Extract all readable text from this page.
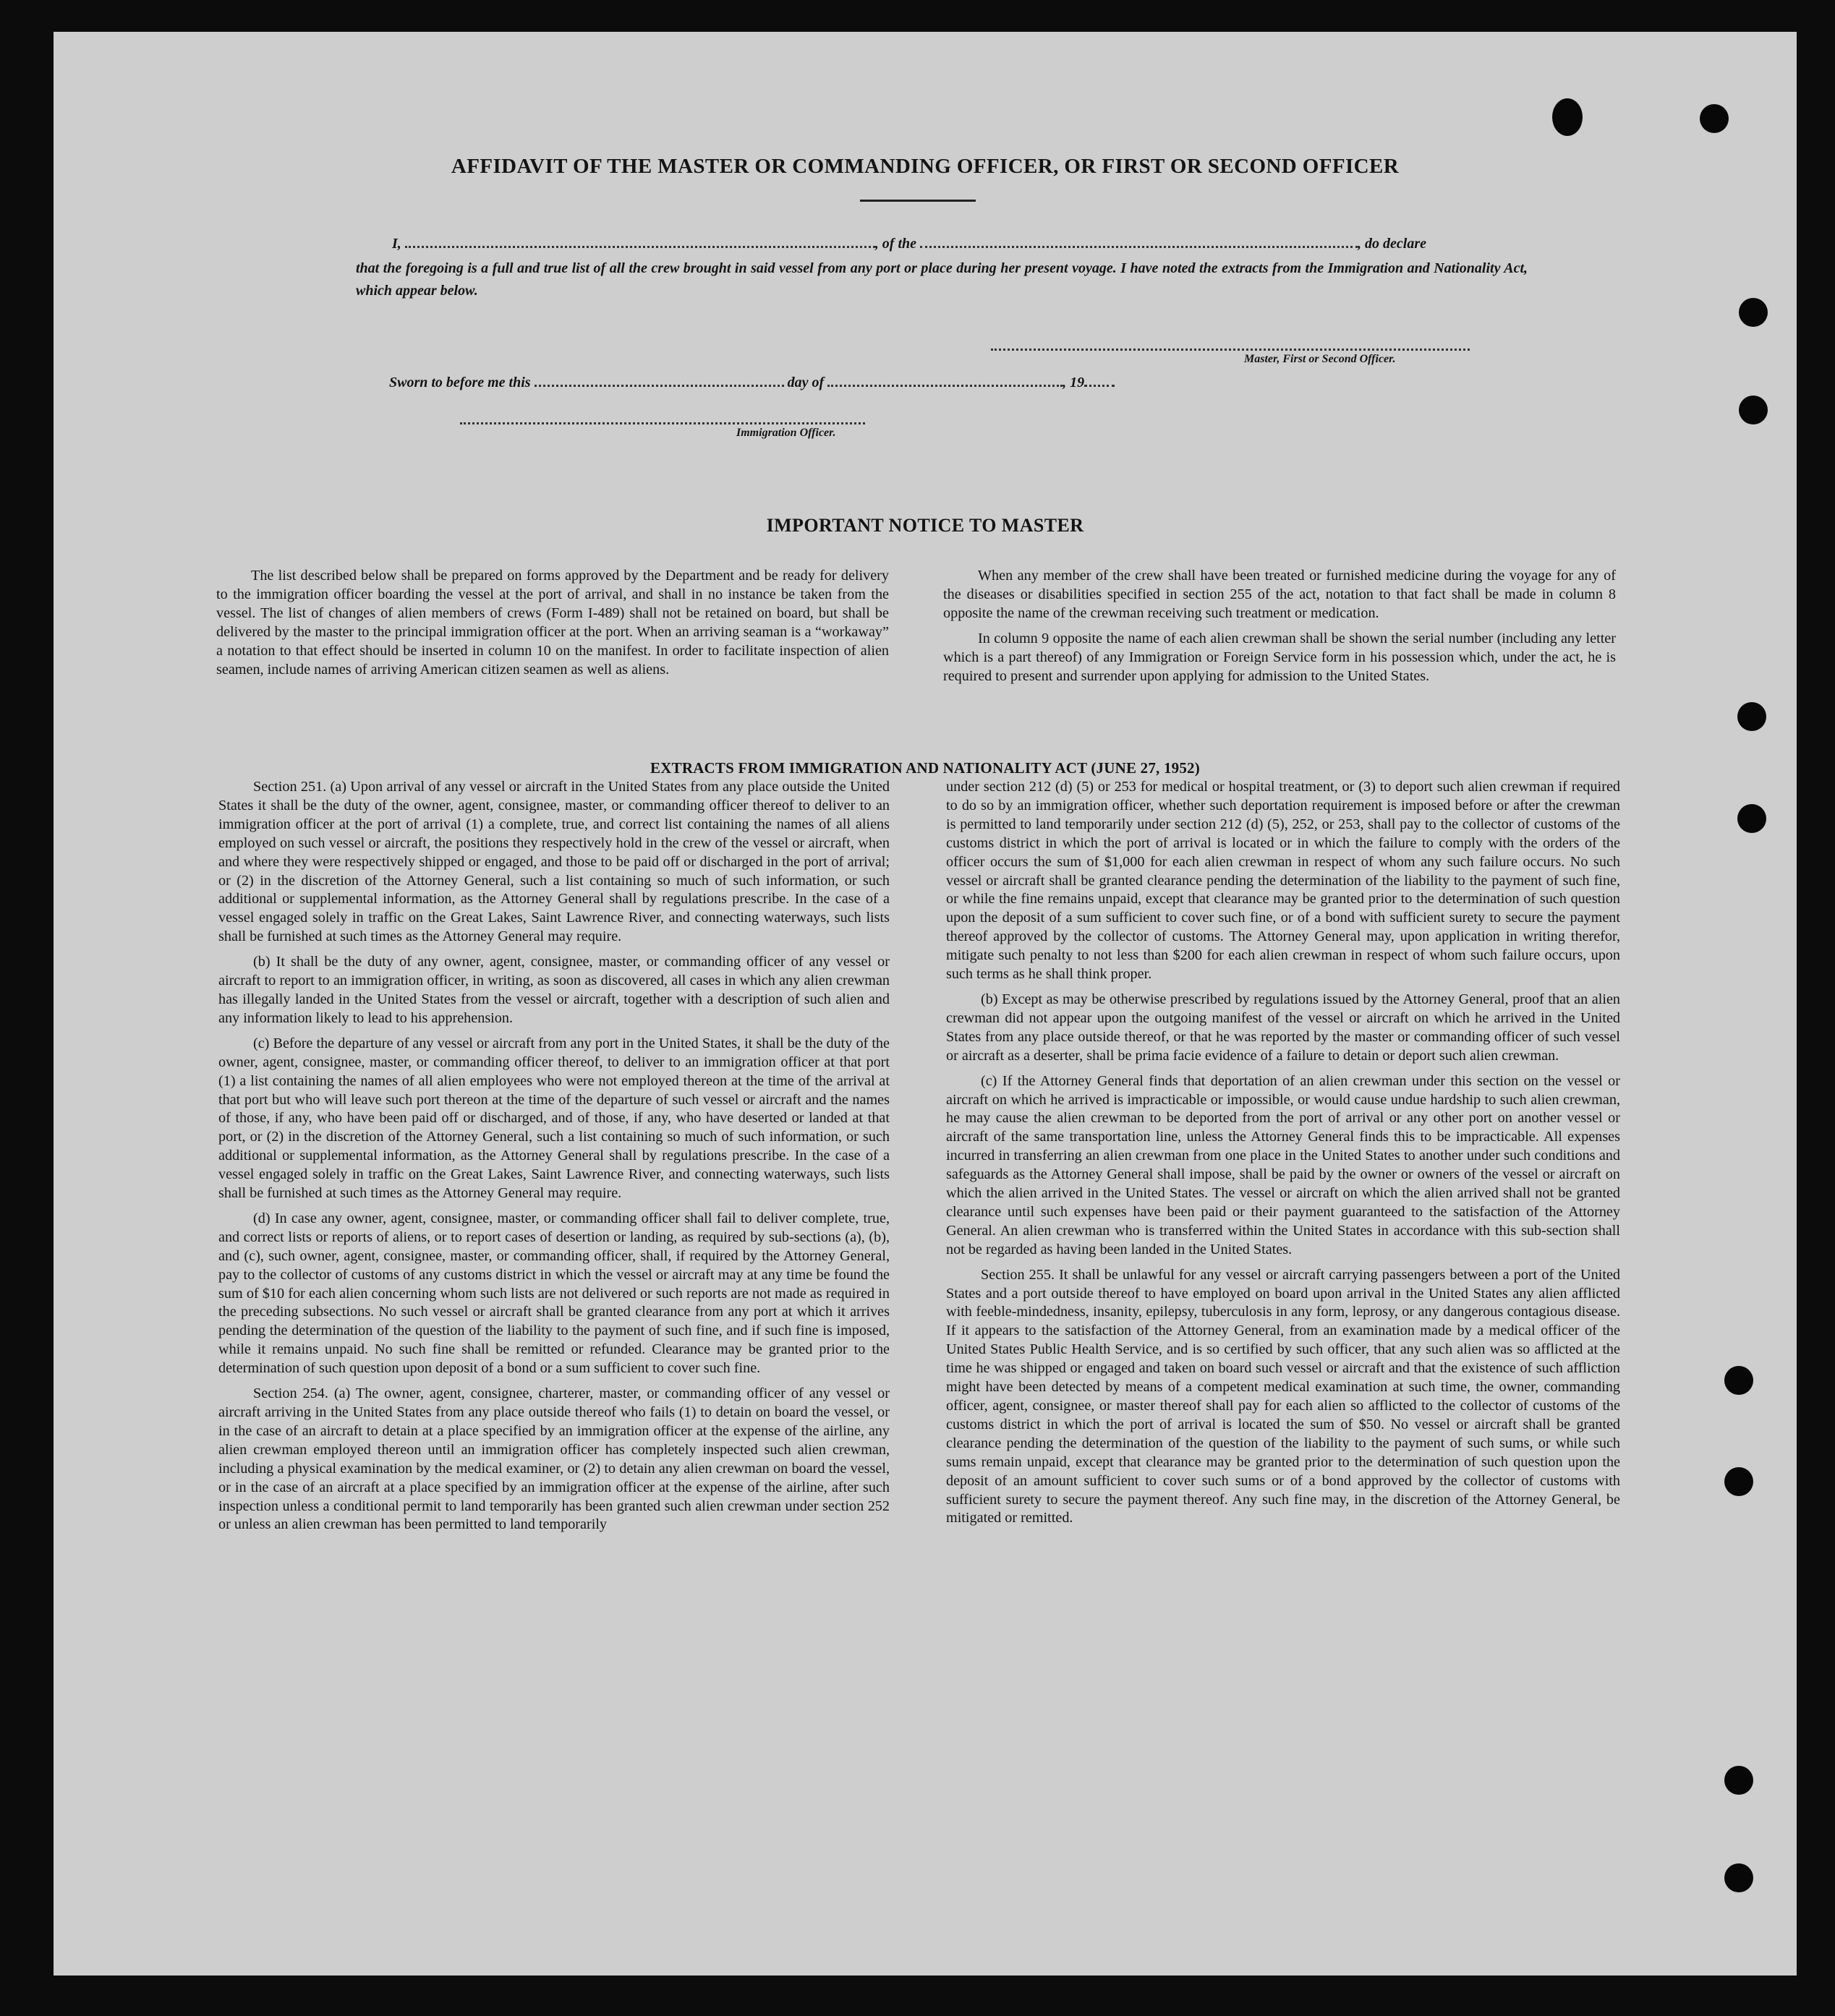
AFFIDAVIT OF THE MASTER OR COMMANDING OFFICER, OR FIRST OR SECOND OFFICER
I,	, of the	, do declare
that the foregoing is a full and true list of all the crew brought in said vessel from any port or place during her present voyage. I have noted the extracts from the Immigration and Nationality Act, which appear below.
Master, First or Second Officer.
Sworn to before me this	day of	, 19
Immigration Officer.
IMPORTANT NOTICE TO MASTER

The list described below shall be prepared on forms approved by the Department and be ready for delivery to the immigration officer boarding the vessel at the port of arrival, and shall in no instance be taken from the vessel. The list of changes of alien members of crews (Form I-489) shall not be retained on board, but shall be delivered by the master to the principal immigration officer at the port. When an arriving seaman is a “workaway” a notation to that effect should be inserted in column 10 on the manifest. In order to facilitate inspection of alien seamen, include names of arriving American citizen seamen as well as aliens.

When any member of the crew shall have been treated or furnished medicine during the voyage for any of the diseases or disabilities specified in section 255 of the act, notation to that fact shall be made in column 8 opposite the name of the crewman receiving such treatment or medication.

In column 9 opposite the name of each alien crewman shall be shown the serial number (including any letter which is a part thereof) of any Immigration or Foreign Service form in his possession which, under the act, he is required to present and surrender upon applying for admission to the United States.

EXTRACTS FROM IMMIGRATION AND NATIONALITY ACT (JUNE 27, 1952)

Section 251. (a) Upon arrival of any vessel or aircraft in the United States from any place outside the United States it shall be the duty of the owner, agent, consignee, master, or commanding officer thereof to deliver to an immigration officer at the port of arrival (1) a complete, true, and correct list containing the names of all aliens employed on such vessel or aircraft, the positions they respectively hold in the crew of the vessel or aircraft, when and where they were respectively shipped or engaged, and those to be paid off or discharged in the port of arrival; or (2) in the discretion of the Attorney General, such a list containing so much of such information, or such additional or supplemental information, as the Attorney General shall by regulations prescribe. In the case of a vessel engaged solely in traffic on the Great Lakes, Saint Lawrence River, and connecting waterways, such lists shall be furnished at such times as the Attorney General may require.

(b) It shall be the duty of any owner, agent, consignee, master, or commanding officer of any vessel or aircraft to report to an immigration officer, in writing, as soon as discovered, all cases in which any alien crewman has illegally landed in the United States from the vessel or aircraft, together with a description of such alien and any information likely to lead to his apprehension.

(c) Before the departure of any vessel or aircraft from any port in the United States, it shall be the duty of the owner, agent, consignee, master, or commanding officer thereof, to deliver to an immigration officer at that port (1) a list containing the names of all alien employees who were not employed thereon at the time of the arrival at that port but who will leave such port thereon at the time of the departure of such vessel or aircraft and the names of those, if any, who have been paid off or discharged, and of those, if any, who have deserted or landed at that port, or (2) in the discretion of the Attorney General, such a list containing so much of such information, or such additional or supplemental information, as the Attorney General shall by regulations prescribe. In the case of a vessel engaged solely in traffic on the Great Lakes, Saint Lawrence River, and connecting waterways, such lists shall be furnished at such times as the Attorney General may require.

(d) In case any owner, agent, consignee, master, or commanding officer shall fail to deliver complete, true, and correct lists or reports of aliens, or to report cases of desertion or landing, as required by sub-sections (a), (b), and (c), such owner, agent, consignee, master, or commanding officer, shall, if required by the Attorney General, pay to the collector of customs of any customs district in which the vessel or aircraft may at any time be found the sum of $10 for each alien concerning whom such lists are not delivered or such reports are not made as required in the preceding subsections. No such vessel or aircraft shall be granted clearance from any port at which it arrives pending the determination of the question of the liability to the payment of such fine, and if such fine is imposed, while it remains unpaid. No such fine shall be remitted or refunded. Clearance may be granted prior to the determination of such question upon deposit of a bond or a sum sufficient to cover such fine.

Section 254. (a) The owner, agent, consignee, charterer, master, or commanding officer of any vessel or aircraft arriving in the United States from any place outside thereof who fails (1) to detain on board the vessel, or in the case of an aircraft to detain at a place specified by an immigration officer at the expense of the airline, any alien crewman employed thereon until an immigration officer has completely inspected such alien crewman, including a physical examination by the medical examiner, or (2) to detain any alien crewman on board the vessel, or in the case of an aircraft at a place specified by an immigration officer at the expense of the airline, after such inspection unless a conditional permit to land temporarily has been granted such alien crewman under section 252 or unless an alien crewman has been permitted to land temporarily

under section 212 (d) (5) or 253 for medical or hospital treatment, or (3) to deport such alien crewman if required to do so by an immigration officer, whether such deportation requirement is imposed before or after the crewman is permitted to land temporarily under section 212 (d) (5), 252, or 253, shall pay to the collector of customs of the customs district in which the port of arrival is located or in which the failure to comply with the orders of the officer occurs the sum of $1,000 for each alien crewman in respect of whom any such failure occurs. No such vessel or aircraft shall be granted clearance pending the determination of the liability to the payment of such fine, or while the fine remains unpaid, except that clearance may be granted prior to the determination of such question upon the deposit of a sum sufficient to cover such fine, or of a bond with sufficient surety to secure the payment thereof approved by the collector of customs. The Attorney General may, upon application in writing therefor, mitigate such penalty to not less than $200 for each alien crewman in respect of whom such failure occurs, upon such terms as he shall think proper.

(b) Except as may be otherwise prescribed by regulations issued by the Attorney General, proof that an alien crewman did not appear upon the outgoing manifest of the vessel or aircraft on which he arrived in the United States from any place outside thereof, or that he was reported by the master or commanding officer of such vessel or aircraft as a deserter, shall be prima facie evidence of a failure to detain or deport such alien crewman.

(c) If the Attorney General finds that deportation of an alien crewman under this section on the vessel or aircraft on which he arrived is impracticable or impossible, or would cause undue hardship to such alien crewman, he may cause the alien crewman to be deported from the port of arrival or any other port on another vessel or aircraft of the same transportation line, unless the Attorney General finds this to be impracticable. All expenses incurred in transferring an alien crewman from one place in the United States to another under such conditions and safeguards as the Attorney General shall impose, shall be paid by the owner or owners of the vessel or aircraft on which the alien arrived in the United States. The vessel or aircraft on which the alien arrived shall not be granted clearance until such expenses have been paid or their payment guaranteed to the satisfaction of the Attorney General. An alien crewman who is transferred within the United States in accordance with this sub-section shall not be regarded as having been landed in the United States.

Section 255. It shall be unlawful for any vessel or aircraft carrying passengers between a port of the United States and a port outside thereof to have employed on board upon arrival in the United States any alien afflicted with feeble-mindedness, insanity, epilepsy, tuberculosis in any form, leprosy, or any dangerous contagious disease. If it appears to the satisfaction of the Attorney General, from an examination made by a medical officer of the United States Public Health Service, and is so certified by such officer, that any such alien was so afflicted at the time he was shipped or engaged and taken on board such vessel or aircraft and that the existence of such affliction might have been detected by means of a competent medical examination at such time, the owner, commanding officer, agent, consignee, or master thereof shall pay for each alien so afflicted to the collector of customs of the customs district in which the port of arrival is located the sum of $50. No vessel or aircraft shall be granted clearance pending the determination of the question of the liability to the payment of such sums, or while such sums remain unpaid, except that clearance may be granted prior to the determination of such question upon the deposit of an amount sufficient to cover such sums or of a bond approved by the collector of customs with sufficient surety to secure the payment thereof. Any such fine may, in the discretion of the Attorney General, be mitigated or remitted.
